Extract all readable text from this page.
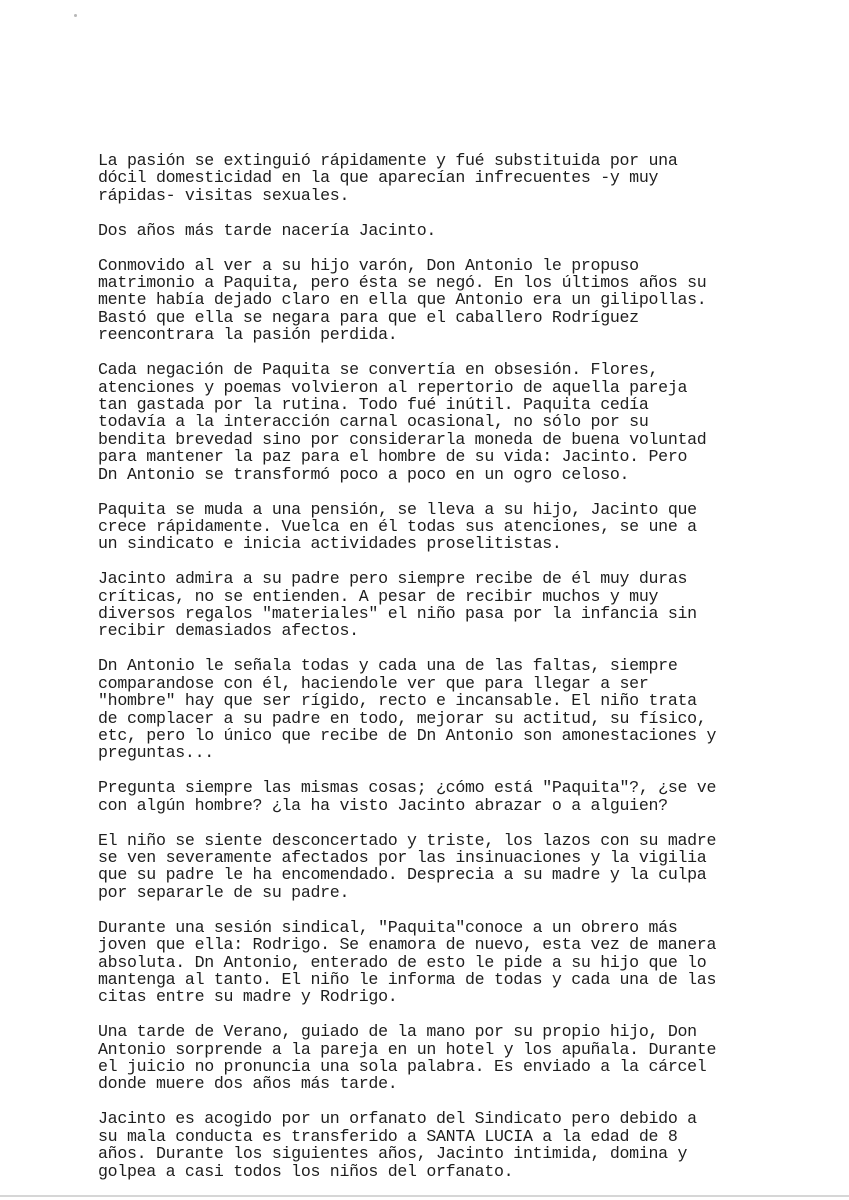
La pasión se extinguió rápidamente y fué substituida por una
dócil domesticidad en la que aparecían infrecuentes -y muy
rápidas- visitas sexuales.

Dos años más tarde nacería Jacinto.

Conmovido al ver a su hijo varón, Don Antonio le propuso
matrimonio a Paquita, pero ésta se negó. En los últimos años su
mente había dejado claro en ella que Antonio era un gilipollas.
Bastó que ella se negara para que el caballero Rodríguez
reencontrara la pasión perdida.

Cada negación de Paquita se convertía en obsesión. Flores,
atenciones y poemas volvieron al repertorio de aquella pareja
tan gastada por la rutina. Todo fué inútil. Paquita cedía
todavía a la interacción carnal ocasional, no sólo por su
bendita brevedad sino por considerarla moneda de buena voluntad
para mantener la paz para el hombre de su vida: Jacinto. Pero
Dn Antonio se transformó poco a poco en un ogro celoso.

Paquita se muda a una pensión, se lleva a su hijo, Jacinto que
crece rápidamente. Vuelca en él todas sus atenciones, se une a
un sindicato e inicia actividades proselitistas.

Jacinto admira a su padre pero siempre recibe de él muy duras
críticas, no se entienden. A pesar de recibir muchos y muy
diversos regalos "materiales" el niño pasa por la infancia sin
recibir demasiados afectos.

Dn Antonio le señala todas y cada una de las faltas, siempre
comparandose con él, haciendole ver que para llegar a ser
"hombre" hay que ser rígido, recto e incansable. El niño trata
de complacer a su padre en todo, mejorar su actitud, su físico,
etc, pero lo único que recibe de Dn Antonio son amonestaciones y
preguntas...

Pregunta siempre las mismas cosas; ¿cómo está "Paquita"?, ¿se ve
con algún hombre? ¿la ha visto Jacinto abrazar o a alguien?

El niño se siente desconcertado y triste, los lazos con su madre
se ven severamente afectados por las insinuaciones y la vigilia
que su padre le ha encomendado. Desprecia a su madre y la culpa
por separarle de su padre.

Durante una sesión sindical, "Paquita"conoce a un obrero más
joven que ella: Rodrigo. Se enamora de nuevo, esta vez de manera
absoluta. Dn Antonio, enterado de esto le pide a su hijo que lo
mantenga al tanto. El niño le informa de todas y cada una de las
citas entre su madre y Rodrigo.

Una tarde de Verano, guiado de la mano por su propio hijo, Don
Antonio sorprende a la pareja en un hotel y los apuñala. Durante
el juicio no pronuncia una sola palabra. Es enviado a la cárcel
donde muere dos años más tarde.

Jacinto es acogido por un orfanato del Sindicato pero debido a
su mala conducta es transferido a SANTA LUCIA a la edad de 8
años. Durante los siguientes años, Jacinto intimida, domina y
golpea a casi todos los niños del orfanato.
